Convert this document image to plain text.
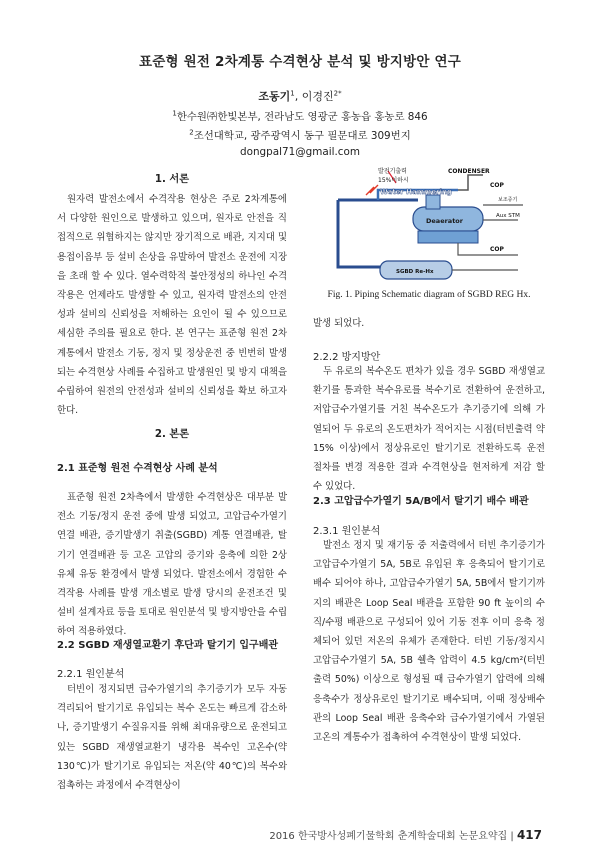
표준형 원전 2차계통 수격현상 분석 및 방지방안 연구
조동기$^1$, 이경진$^{2*}$
$^1$한수원㈜한빛본부, 전라남도 영광군 홍농읍 홍농로 846
$^2$조선대학교, 광주광역시 동구 필문대로 309번지
dongpal71@gmail.com
1. 서론
원자력 발전소에서 수격작용 현상은 주로 2차계통에서 다양한 원인으로 발생하고 있으며, 원자로 안전을 직접적으로 위협하지는 않지만 장기적으로 배관, 지지대 및 용접이음부 등 설비 손상을 유발하여 발전소 운전에 지장을 초래 할 수 있다. 열수력학적 불안정성의 하나인 수격작용은 언제라도 발생할 수 있고, 원자력 발전소의 안전성과 설비의 신뢰성을 저해하는 요인이 될 수 있으므로 세심한 주의를 필요로 한다. 본 연구는 표준형 원전 2차계통에서 발전소 기동, 정지 및 정상운전 중 빈번히 발생되는 수격현상 사례를 수집하고 발생원인 및 방지 대책을 수립하여 원전의 안전성과 설비의 신뢰성을 확보 하고자 한다.
2. 본론
2.1 표준형 원전 수격현상 사례 분석
표준형 원전 2차측에서 발생한 수격현상은 대부분 발전소 기동/정지 운전 중에 발생 되었고, 고압급수가열기 연결 배관, 증기발생기 취출(SGBD) 계통 연결배관, 탈기기 연결배관 등 고온 고압의 증기와 응축에 의한 2상 유체 유동 환경에서 발생 되었다. 발전소에서 경험한 수격작용 사례를 발생 개소별로 발생 당시의 운전조건 및 설비 설계자료 등을 토대로 원인분석 및 방지방안을 수립하여 적용하였다.
2.2 SGBD 재생열교환기 후단과 탈기기 입구배관
2.2.1 원인분석
터빈이 정지되면 급수가열기의 추기증기가 모두 자동 격리되어 탈기기로 유입되는 복수 온도는 빠르게 감소하나, 증기발생기 수질유지를 위해 최대유량으로 운전되고 있는 SGBD 재생열교환기 냉각용 복수인 고온수(약 130℃)가 탈기기로 유입되는 저온(약 40℃)의 복수와 접촉하는 과정에서 수격현상이
발전기출력
15%이하시
CONDENSER
COP
Water Hammering
Deaerator
보조증기
Aux STM
COP
SGBD Re-Hx
Fig. 1. Piping Schematic diagram of SGBD REG Hx.
발생 되었다.
2.2.2 방지방안
두 유로의 복수온도 편차가 있을 경우 SGBD 재생열교환기를 통과한 복수유로를 복수기로 전환하여 운전하고, 저압급수가열기를 거친 복수온도가 추기증기에 의해 가열되어 두 유로의 온도편차가 적어지는 시점(터빈출력 약 15% 이상)에서 정상유로인 탈기기로 전환하도록 운전 절차를 변경 적용한 결과 수격현상을 현저하게 저감 할 수 있었다.
2.3 고압급수가열기 5A/B에서 탈기기 배수 배관
2.3.1 원인분석
발전소 정지 및 재기동 중 저출력에서 터빈 추기증기가 고압급수가열기 5A, 5B로 유입된 후 응축되어 탈기기로 배수 되어야 하나, 고압급수가열기 5A, 5B에서 탈기기까지의 배관은 Loop Seal 배관을 포함한 90 ft 높이의 수직/수평 배관으로 구성되어 있어 기동 전후 이미 응축 정체되어 있던 저온의 유체가 존재한다. 터빈 기동/정지시 고압급수가열기 5A, 5B 쉘측 압력이 4.5 kg/cm²(터빈출력 50%) 이상으로 형성될 때 급수가열기 압력에 의해 응축수가 정상유로인 탈기기로 배수되며, 이때 정상배수관의 Loop Seal 배관 응축수와 급수가열기에서 가열된 고온의 계통수가 접촉하여 수격현상이 발생 되었다.
2016 한국방사성폐기물학회 춘계학술대회 논문요약집 | 417
